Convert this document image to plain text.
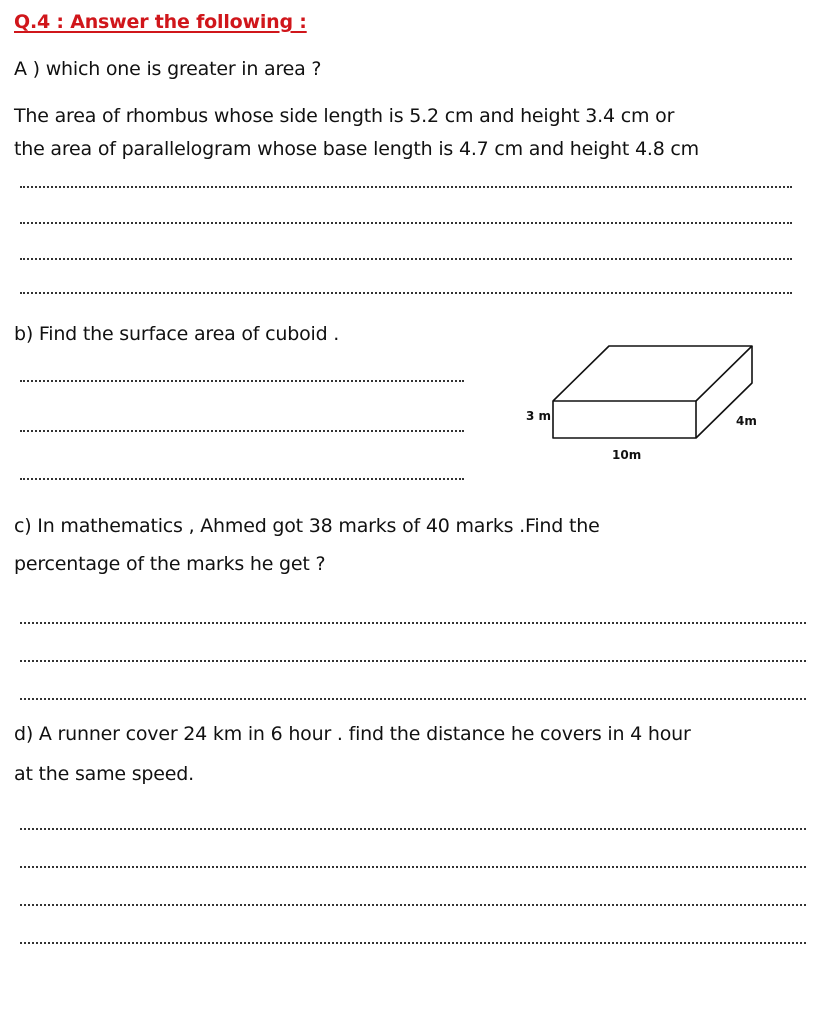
Q.4 : Answer the following :
A ) which one is greater in area ?
The area of rhombus whose side length is 5.2 cm and height 3.4 cm or
the area of parallelogram whose base length is 4.7 cm and height 4.8 cm
b) Find the surface area of cuboid .
3 m	4m
10m
c) In mathematics , Ahmed got 38 marks of 40 marks .Find the
percentage of the marks he get ?
d) A runner cover 24 km in 6 hour . find the distance he covers in 4 hour
at the same speed.
